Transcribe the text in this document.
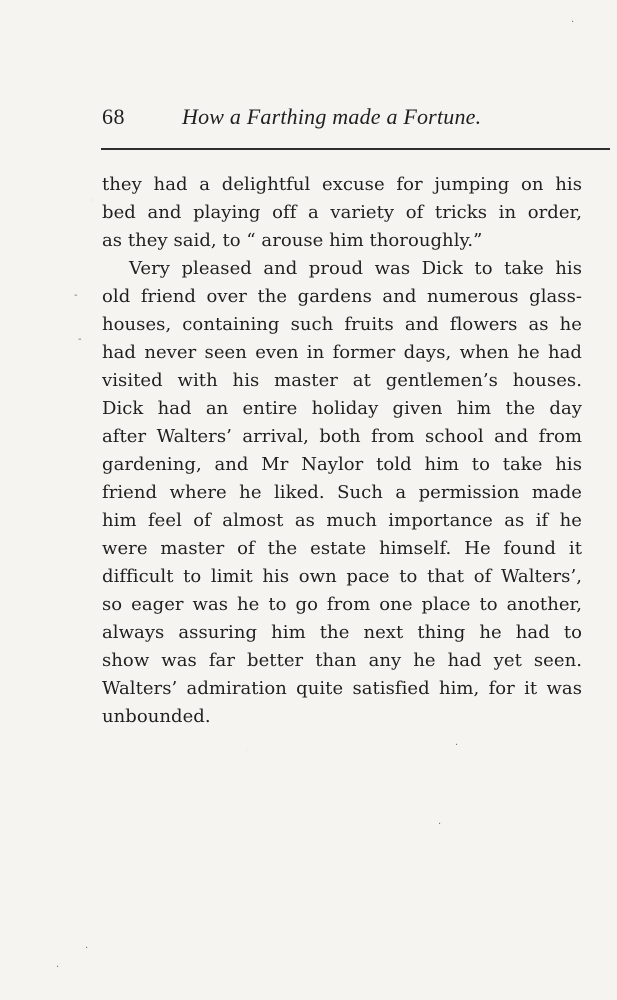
68	How a Farthing made a Fortune.
they had a delightful excuse for jumping on his
bed and playing off a variety of tricks in order,
as they said, to “ arouse him thoroughly.”
Very pleased and proud was Dick to take his
old friend over the gardens and numerous glass-
houses, containing such fruits and flowers as he
had never seen even in former days, when he had
visited with his master at gentlemen’s houses.
Dick had an entire holiday given him the day
after Walters’ arrival, both from school and from
gardening, and Mr Naylor told him to take his
friend where he liked. Such a permission made
him feel of almost as much importance as if he
were master of the estate himself. He found it
difficult to limit his own pace to that of Walters’,
so eager was he to go from one place to another,
always assuring him the next thing he had to
show was far better than any he had yet seen.
Walters’ admiration quite satisfied him, for it was
unbounded.
·
-
-
·
·
·
·
